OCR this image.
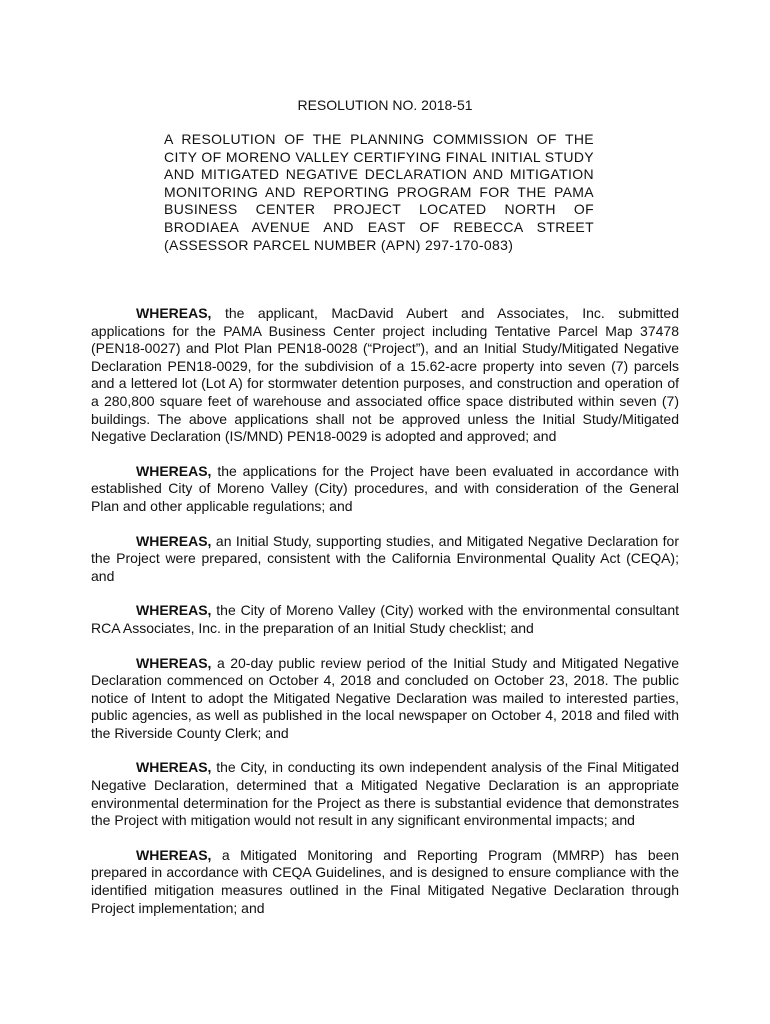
RESOLUTION NO. 2018-51
A RESOLUTION OF THE PLANNING COMMISSION OF THE CITY OF MORENO VALLEY CERTIFYING FINAL INITIAL STUDY AND MITIGATED NEGATIVE DECLARATION AND MITIGATION MONITORING AND REPORTING PROGRAM FOR THE PAMA BUSINESS CENTER PROJECT LOCATED NORTH OF BRODIAEA AVENUE AND EAST OF REBECCA STREET (ASSESSOR PARCEL NUMBER (APN) 297-170-083)

WHEREAS, the applicant, MacDavid Aubert and Associates, Inc. submitted applications for the PAMA Business Center project including Tentative Parcel Map 37478 (PEN18-0027) and Plot Plan PEN18-0028 (“Project”), and an Initial Study/Mitigated Negative Declaration PEN18-0029, for the subdivision of a 15.62-acre property into seven (7) parcels and a lettered lot (Lot A) for stormwater detention purposes, and construction and operation of a 280,800 square feet of warehouse and associated office space distributed within seven (7) buildings. The above applications shall not be approved unless the Initial Study/Mitigated Negative Declaration (IS/MND) PEN18-0029 is adopted and approved; and

WHEREAS, the applications for the Project have been evaluated in accordance with established City of Moreno Valley (City) procedures, and with consideration of the General Plan and other applicable regulations; and

WHEREAS, an Initial Study, supporting studies, and Mitigated Negative Declaration for the Project were prepared, consistent with the California Environmental Quality Act (CEQA); and

WHEREAS, the City of Moreno Valley (City) worked with the environmental consultant RCA Associates, Inc. in the preparation of an Initial Study checklist; and

WHEREAS, a 20-day public review period of the Initial Study and Mitigated Negative Declaration commenced on October 4, 2018 and concluded on October 23, 2018. The public notice of Intent to adopt the Mitigated Negative Declaration was mailed to interested parties, public agencies, as well as published in the local newspaper on October 4, 2018 and filed with the Riverside County Clerk; and

WHEREAS, the City, in conducting its own independent analysis of the Final Mitigated Negative Declaration, determined that a Mitigated Negative Declaration is an appropriate environmental determination for the Project as there is substantial evidence that demonstrates the Project with mitigation would not result in any significant environmental impacts; and

WHEREAS, a Mitigated Monitoring and Reporting Program (MMRP) has been prepared in accordance with CEQA Guidelines, and is designed to ensure compliance with the identified mitigation measures outlined in the Final Mitigated Negative Declaration through Project implementation; and
